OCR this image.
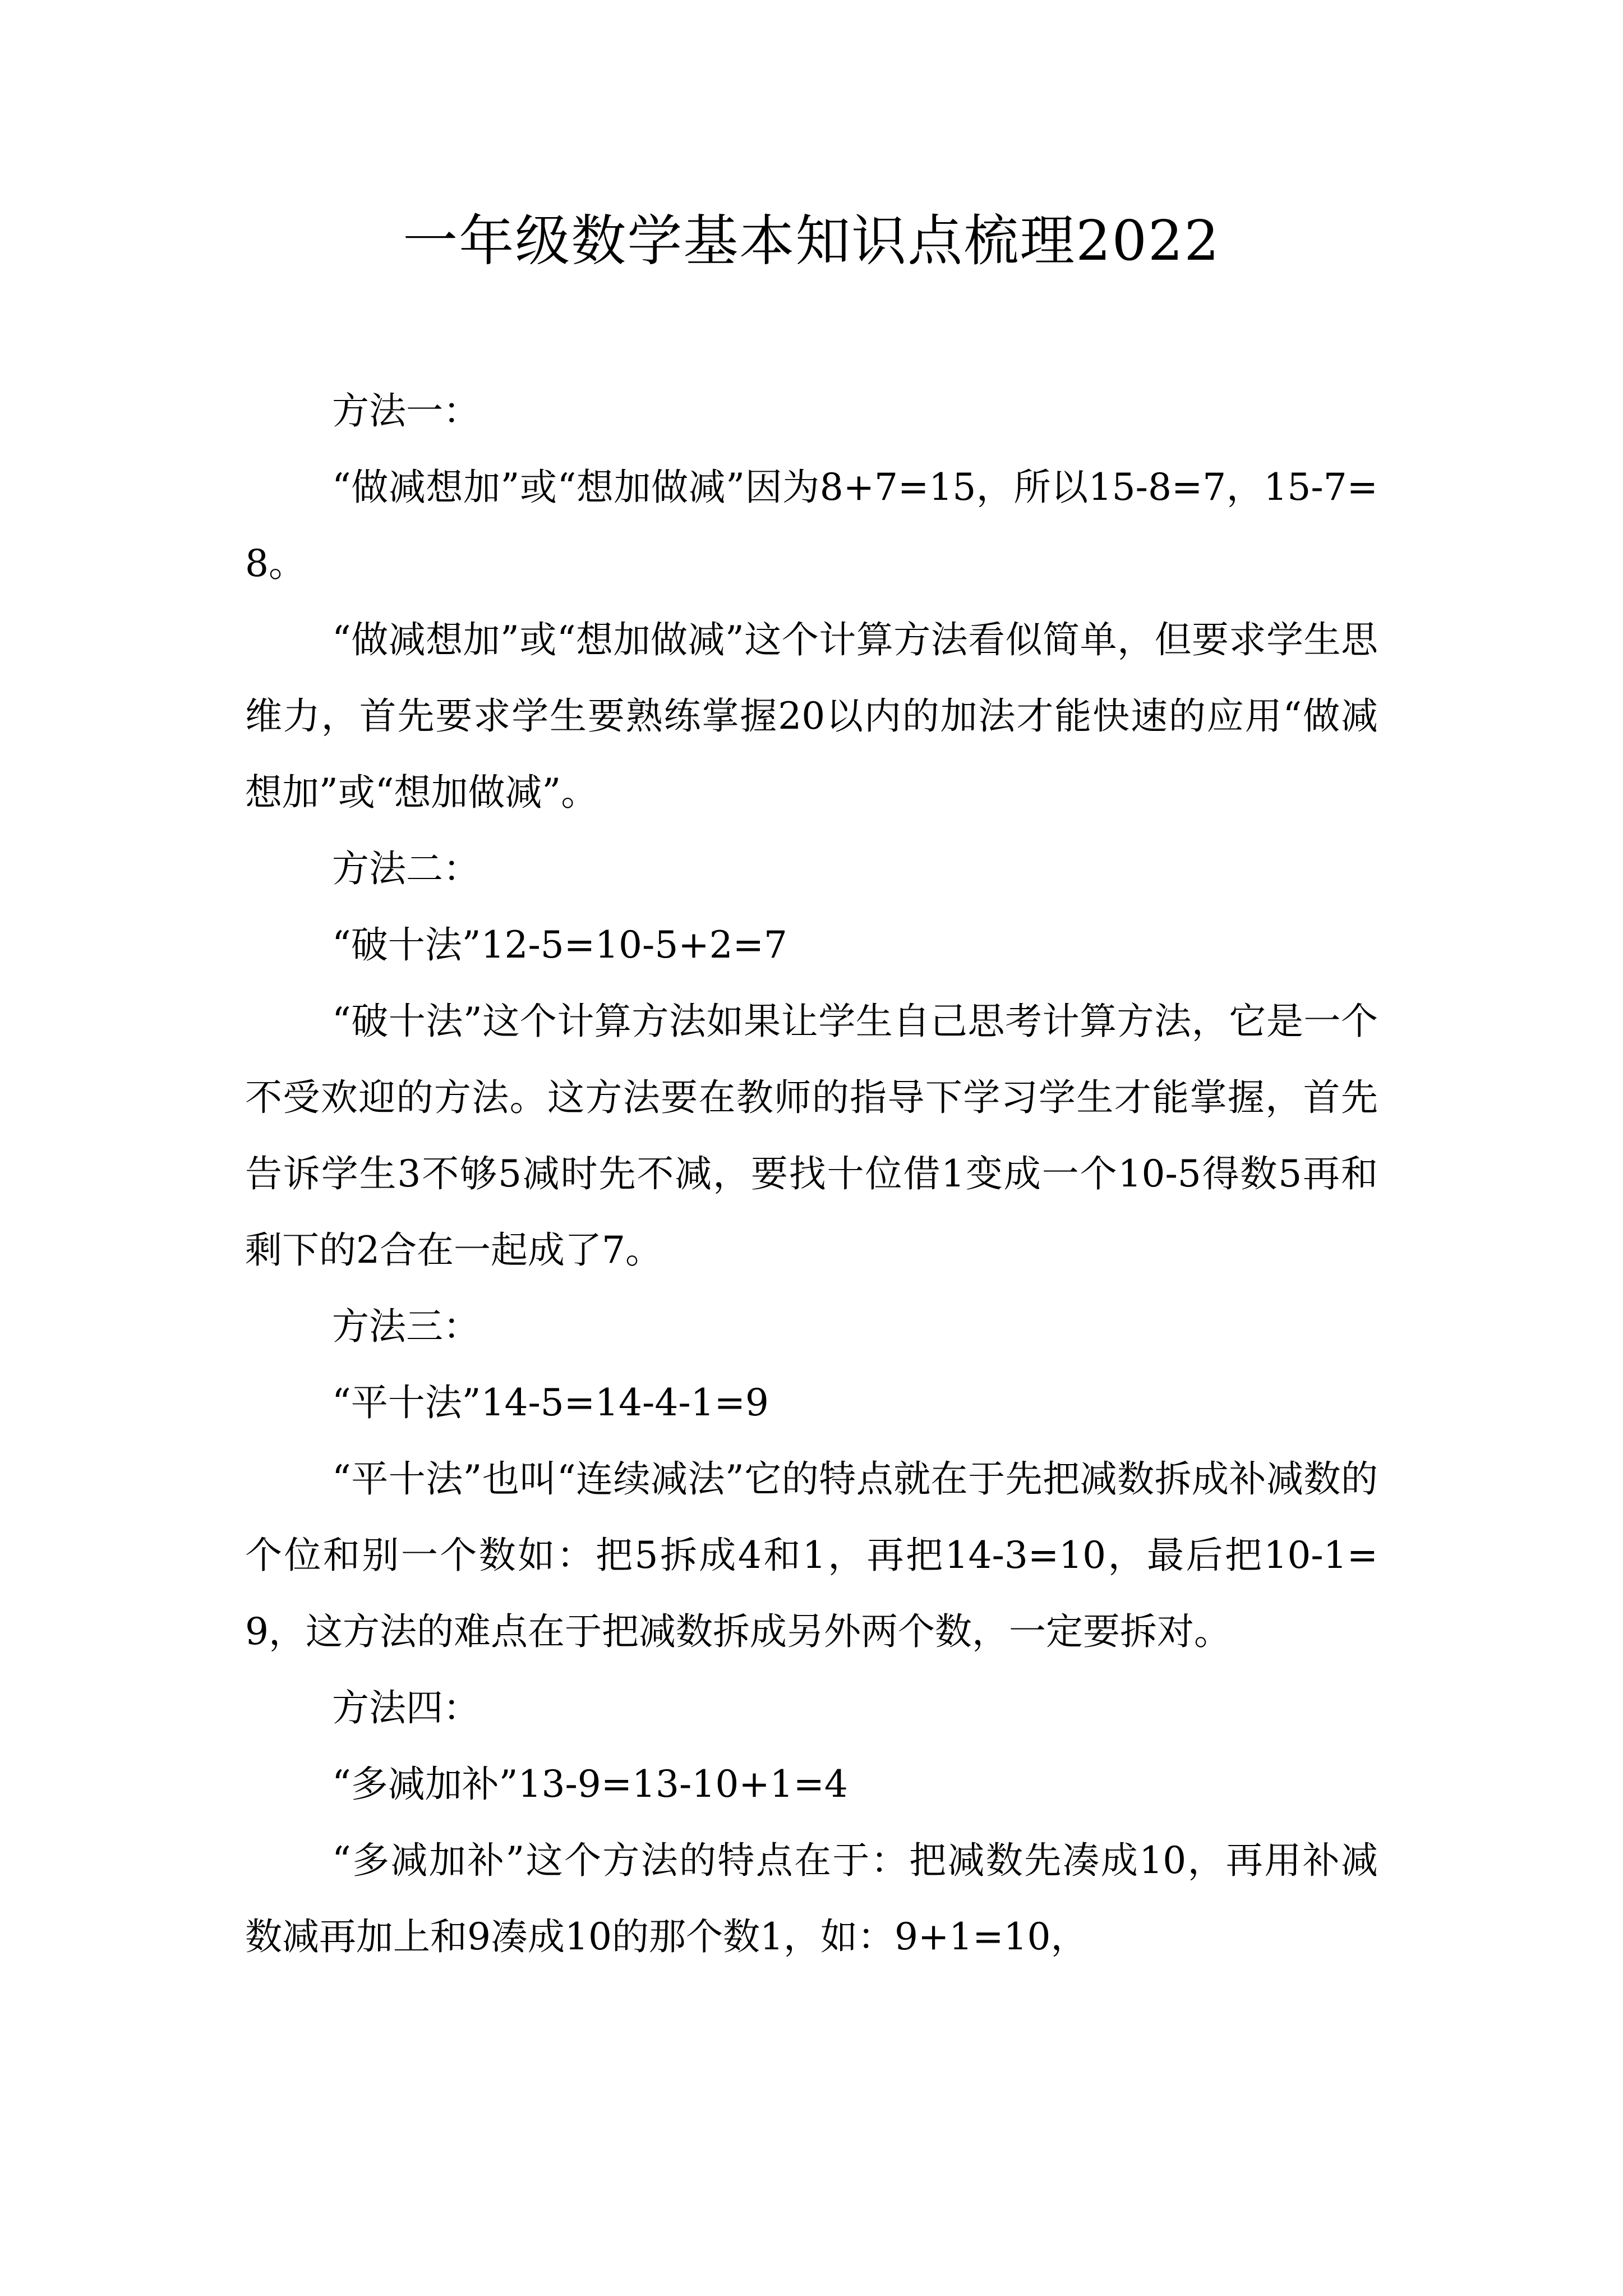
一年级数学基本知识点梳理2022

方法一：

“做减想加”或“想加做减”因为8+7=15，所以15-8=7，15-7=8。

“做减想加”或“想加做减”这个计算方法看似简单，但要求学生思维力，首先要求学生要熟练掌握20以内的加法才能快速的应用“做减想加”或“想加做减”。

方法二：

“破十法”12-5=10-5+2=7

“破十法”这个计算方法如果让学生自己思考计算方法，它是一个不受欢迎的方法。这方法要在教师的指导下学习学生才能掌握，首先告诉学生3不够5减时先不减，要找十位借1变成一个10-5得数5再和剩下的2合在一起成了7。

方法三：

“平十法”14-5=14-4-1=9

“平十法”也叫“连续减法”它的特点就在于先把减数拆成补减数的个位和别一个数如：把5拆成4和1，再把14-3=10，最后把10-1=9，这方法的难点在于把减数拆成另外两个数，一定要拆对。

方法四：

“多减加补”13-9=13-10+1=4

“多减加补”这个方法的特点在于：把减数先凑成10，再用补减数减再加上和9凑成10的那个数1，如：9+1=10，
